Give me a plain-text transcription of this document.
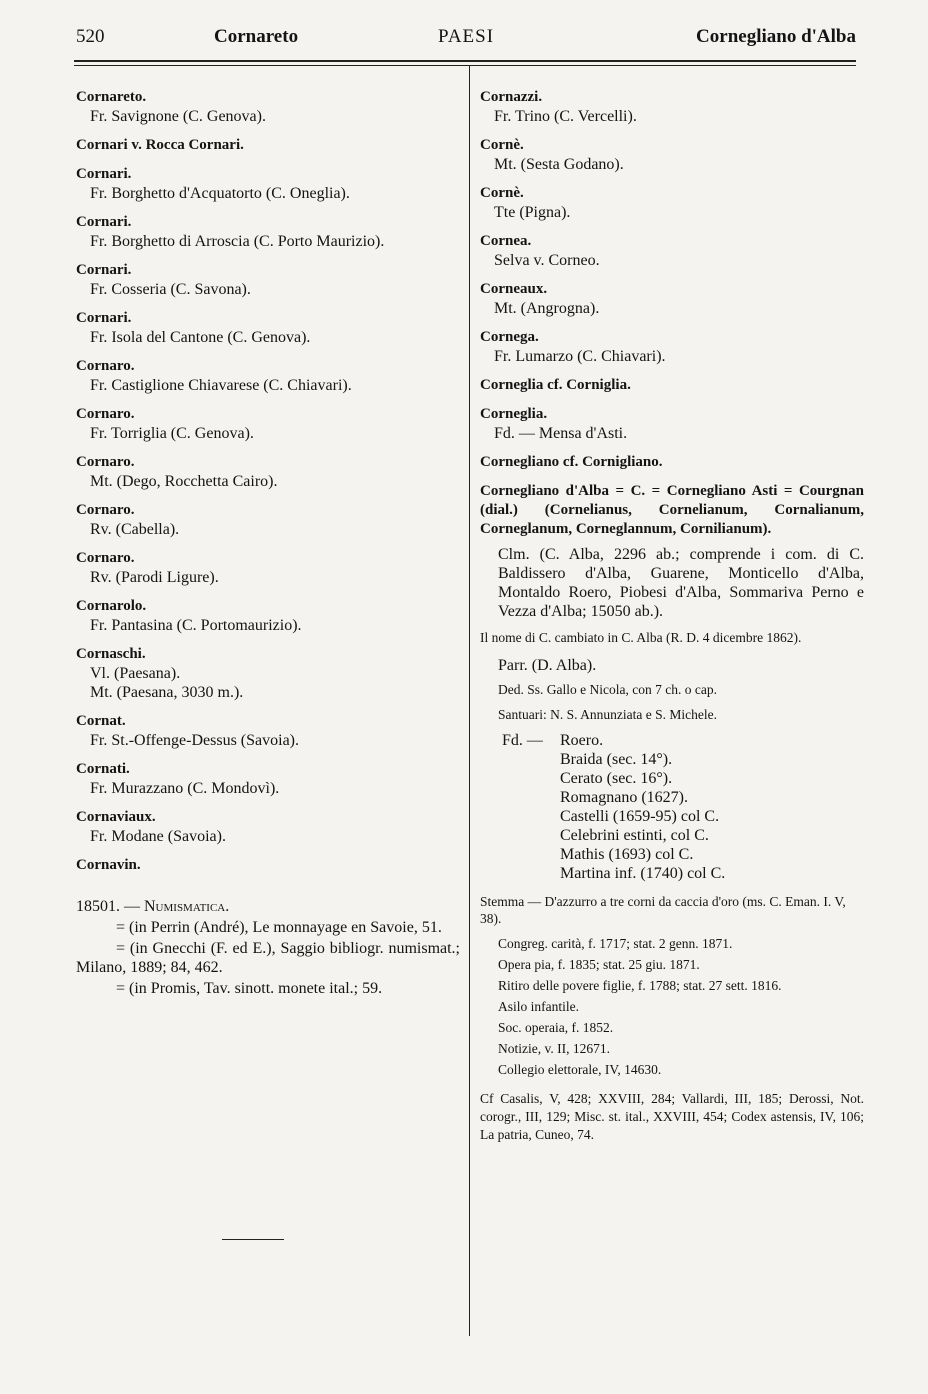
520	Cornareto	PAESI	Cornegliano d'Alba
Cornareto.
Fr. Savignone (C. Genova).
Cornari v. Rocca Cornari.
Cornari.
Fr. Borghetto d'Acquatorto (C. Oneglia).
Cornari.
Fr. Borghetto di Arroscia (C. Porto Maurizio).
Cornari.
Fr. Cosseria (C. Savona).
Cornari.
Fr. Isola del Cantone (C. Genova).
Cornaro.
Fr. Castiglione Chiavarese (C. Chiavari).
Cornaro.
Fr. Torriglia (C. Genova).
Cornaro.
Mt. (Dego, Rocchetta Cairo).
Cornaro.
Rv. (Cabella).
Cornaro.
Rv. (Parodi Ligure).
Cornarolo.
Fr. Pantasina (C. Portomaurizio).
Cornaschi.
Vl. (Paesana).
Mt. (Paesana, 3030 m.).
Cornat.
Fr. St.-Offenge-Dessus (Savoia).
Cornati.
Fr. Murazzano (C. Mondovì).
Cornaviaux.
Fr. Modane (Savoia).
Cornavin.
18501. — Numismatica.
= (in Perrin (André), Le monnayage en Savoie, 51.
= (in Gnecchi (F. ed E.), Saggio bibliogr. numismat.; Milano, 1889; 84, 462.
= (in Promis, Tav. sinott. monete ital.; 59.
Cornazzi.
Fr. Trino (C. Vercelli).
Cornè.
Mt. (Sesta Godano).
Cornè.
Tte (Pigna).
Cornea.
Selva v. Corneo.
Corneaux.
Mt. (Angrogna).
Cornega.
Fr. Lumarzo (C. Chiavari).
Corneglia cf. Corniglia.
Corneglia.
Fd. — Mensa d'Asti.
Cornegliano cf. Cornigliano.
Cornegliano d'Alba = C. = Cornegliano Asti = Courgnan (dial.) (Cornelianus, Cornelianum, Cornalianum, Corneglanum, Corneglannum, Cornilianum).
Clm. (C. Alba, 2296 ab.; comprende i com. di C. Baldissero d'Alba, Guarene, Monticello d'Alba, Montaldo Roero, Piobesi d'Alba, Sommariva Perno e Vezza d'Alba; 15050 ab.).
Il nome di C. cambiato in C. Alba (R. D. 4 dicembre 1862).
Parr. (D. Alba).
Ded. Ss. Gallo e Nicola, con 7 ch. o cap.
Santuari: N. S. Annunziata e S. Michele.
Fd. —	Roero.
Braida (sec. 14°).
Cerato (sec. 16°).
Romagnano (1627).
Castelli (1659-95) col C.
Celebrini estinti, col C.
Mathis (1693) col C.
Martina inf. (1740) col C.
Stemma — D'azzurro a tre corni da caccia d'oro (ms. C. Eman. I. V, 38).
Congreg. carità, f. 1717; stat. 2 genn. 1871.
Opera pia, f. 1835; stat. 25 giu. 1871.
Ritiro delle povere figlie, f. 1788; stat. 27 sett. 1816.
Asilo infantile.
Soc. operaia, f. 1852.
Notizie, v. II, 12671.
Collegio elettorale, IV, 14630.
Cf Casalis, V, 428; XXVIII, 284; Vallardi, III, 185; Derossi, Not. corogr., III, 129; Misc. st. ital., XXVIII, 454; Codex astensis, IV, 106; La patria, Cuneo, 74.
